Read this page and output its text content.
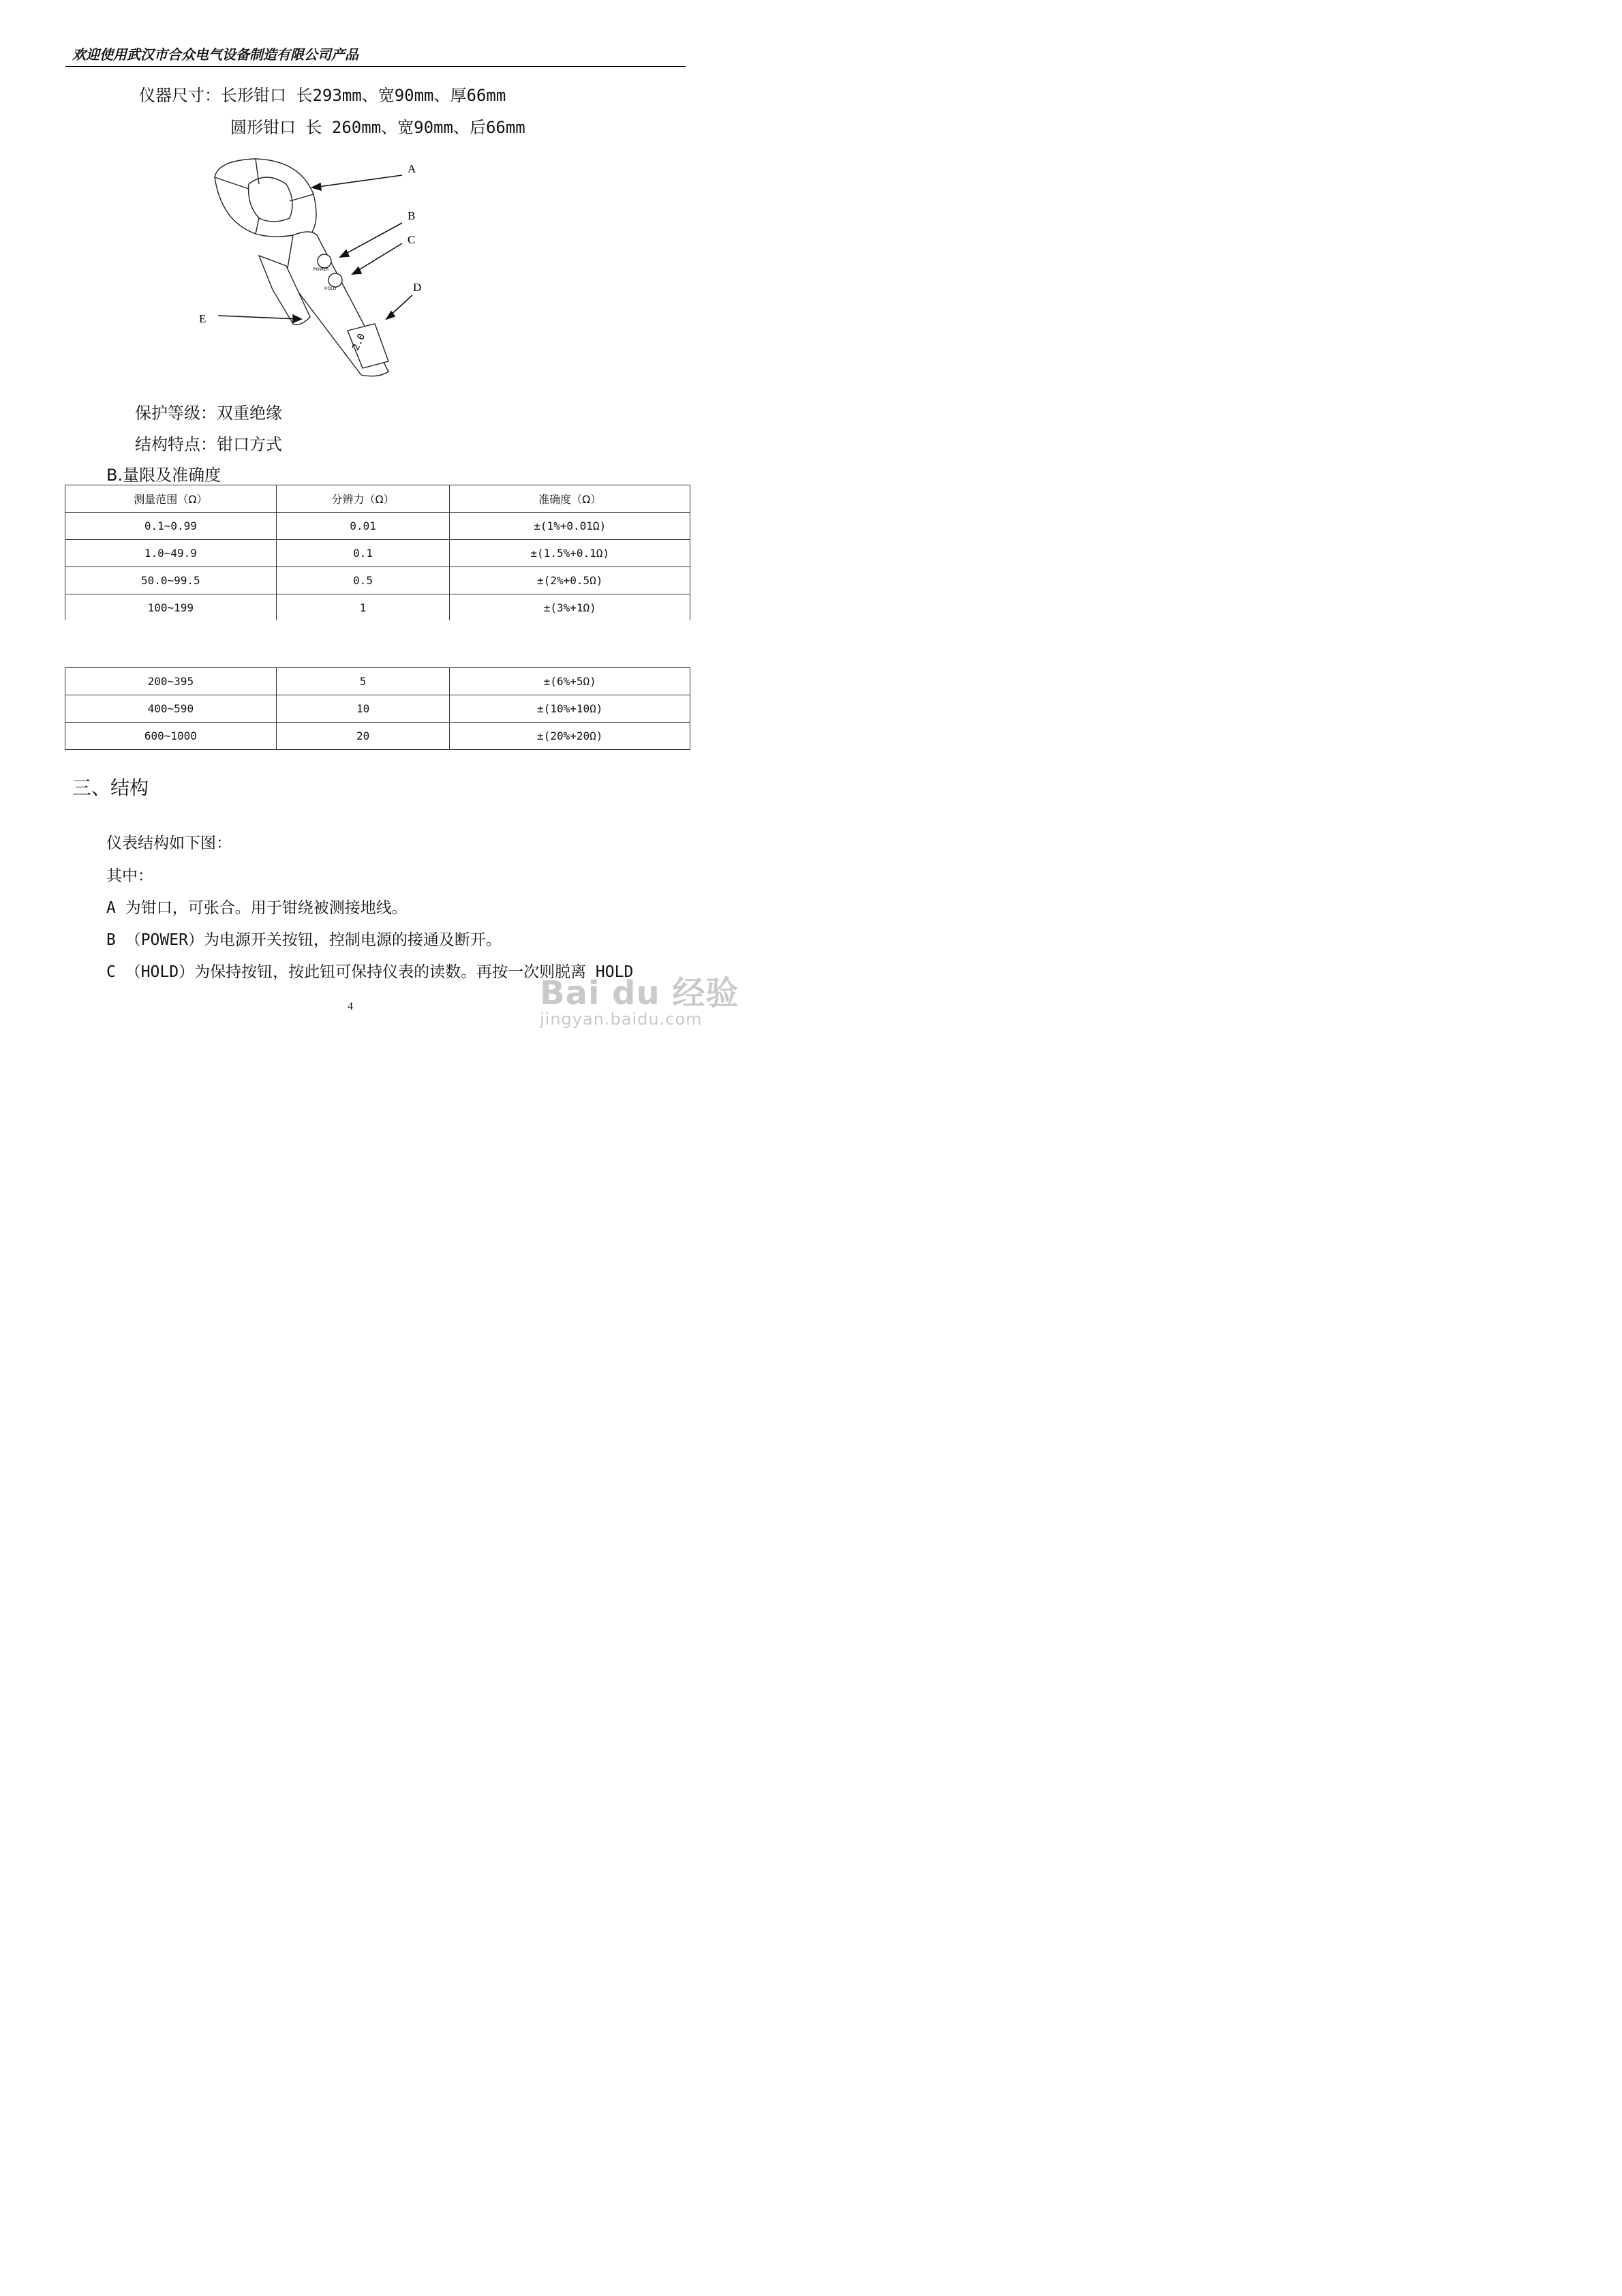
欢迎使用武汉市合众电气设备制造有限公司产品
仪器尺寸：长形钳口 长293mm、宽90mm、厚66mm
圆形钳口 长 260mm、宽90mm、后66mm
2.0
POWER
HOLD
A
B
C
D
E
保护等级：双重绝缘
结构特点：钳口方式
B.量限及准确度
测量范围（Ω）	分辨力（Ω）	准确度（Ω）
0.1~0.99	0.01	±(1%+0.01Ω)
1.0~49.9	0.1	±(1.5%+0.1Ω)
50.0~99.5	0.5	±(2%+0.5Ω)
100~199	1	±(3%+1Ω)
200~395	5	±(6%+5Ω)
400~590	10	±(10%+10Ω)
600~1000	20	±(20%+20Ω)
三、结构
仪表结构如下图：
其中：
A 为钳口，可张合。用于钳绕被测接地线。
B （POWER）为电源开关按钮，控制电源的接通及断开。
C （HOLD）为保持按钮，按此钮可保持仪表的读数。再按一次则脱离 HOLD
4	Bai du 经验
jingyan.baidu.com
